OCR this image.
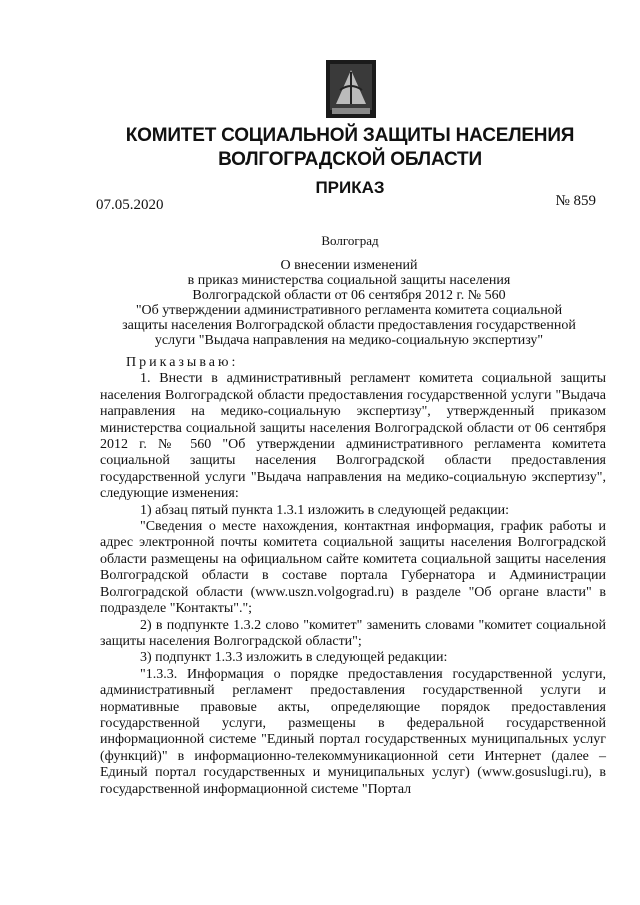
КОМИТЕТ СОЦИАЛЬНОЙ ЗАЩИТЫ НАСЕЛЕНИЯ
ВОЛГОГРАДСКОЙ ОБЛАСТИ
ПРИКАЗ
07.05.2020	№ 859
Волгоград
О внесении изменений
в приказ министерства социальной защиты населения
Волгоградской области от 06 сентября 2012 г. № 560
"Об утверждении административного регламента комитета социальной
защиты населения Волгоградской области предоставления государственной
услуги "Выдача направления на медико-социальную экспертизу"

Приказываю:

1. Внести в административный регламент комитета социальной защиты населения Волгоградской области предоставления государственной услуги "Выдача направления на медико-социальную экспертизу", утвержденный приказом министерства социальной защиты населения Волгоградской области от 06 сентября 2012 г. № 560 "Об утверждении административного регламента комитета социальной защиты населения Волгоградской области предоставления государственной услуги "Выдача направления на медико-социальную экспертизу", следующие изменения:

1) абзац пятый пункта 1.3.1 изложить в следующей редакции:

"Сведения о месте нахождения, контактная информация, график работы и адрес электронной почты комитета социальной защиты населения Волгоградской области размещены на официальном сайте комитета социальной защиты населения Волгоградской области в составе портала Губернатора и Администрации Волгоградской области (www.uszn.volgograd.ru) в разделе "Об органе власти" в подразделе "Контакты".";

2) в подпункте 1.3.2 слово "комитет" заменить словами "комитет социальной защиты населения Волгоградской области";

3) подпункт 1.3.3 изложить в следующей редакции:

"1.3.3. Информация о порядке предоставления государственной услуги, административный регламент предоставления государственной услуги и нормативные правовые акты, определяющие порядок предоставления государственной услуги, размещены в федеральной государственной информационной системе "Единый портал государственных муниципальных услуг (функций)" в информационно-телекоммуникационной сети Интернет (далее – Единый портал государственных и муниципальных услуг) (www.gosuslugi.ru), в государственной информационной системе "Портал
